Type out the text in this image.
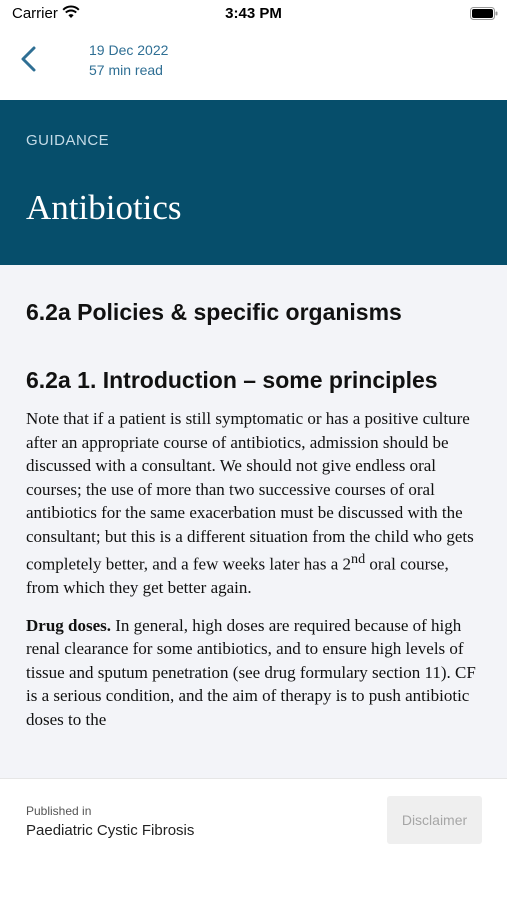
Carrier	3:43 PM
19 Dec 2022
57 min read
GUIDANCE
Antibiotics
6.2a Policies & specific organisms
6.2a 1. Introduction – some principles

Note that if a patient is still symptomatic or has a positive culture after an appropriate course of antibiotics, admission should be discussed with a consultant. We should not give endless oral courses; the use of more than two successive courses of oral antibiotics for the same exacerbation must be discussed with the consultant; but this is a different situation from the child who gets completely better, and a few weeks later has a 2nd oral course, from which they get better again.

Drug doses. In general, high doses are required because of high renal clearance for some antibiotics, and to ensure high levels of tissue and sputum penetration (see drug formulary section 11). CF is a serious condition, and the aim of therapy is to push antibiotic doses to the

Published in
Paediatric Cystic Fibrosis
Disclaimer
